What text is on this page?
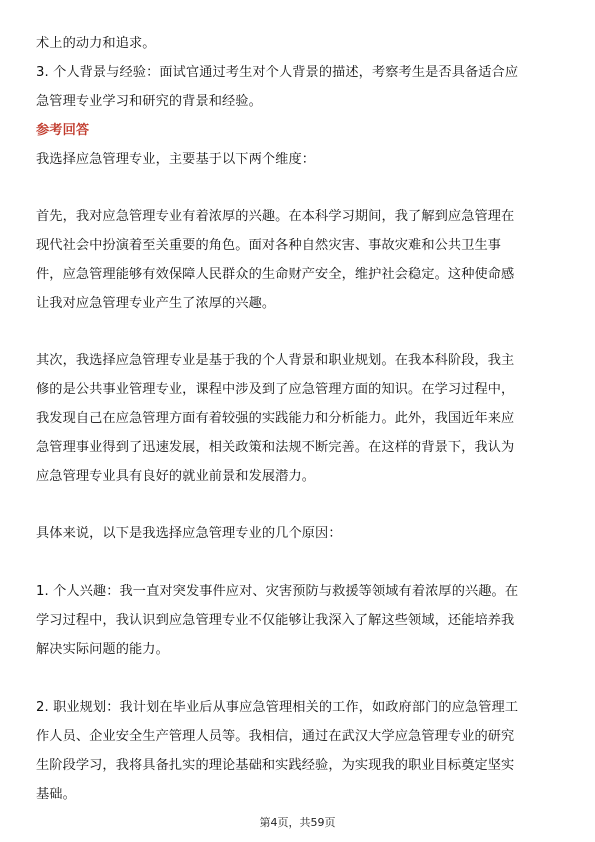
术上的动力和追求。
3. 个人背景与经验：面试官通过考生对个人背景的描述，考察考生是否具备适合应
急管理专业学习和研究的背景和经验。
参考回答
我选择应急管理专业，主要基于以下两个维度：
首先，我对应急管理专业有着浓厚的兴趣。在本科学习期间，我了解到应急管理在
现代社会中扮演着至关重要的角色。面对各种自然灾害、事故灾难和公共卫生事
件，应急管理能够有效保障人民群众的生命财产安全，维护社会稳定。这种使命感
让我对应急管理专业产生了浓厚的兴趣。
其次，我选择应急管理专业是基于我的个人背景和职业规划。在我本科阶段，我主
修的是公共事业管理专业，课程中涉及到了应急管理方面的知识。在学习过程中，
我发现自己在应急管理方面有着较强的实践能力和分析能力。此外，我国近年来应
急管理事业得到了迅速发展，相关政策和法规不断完善。在这样的背景下，我认为
应急管理专业具有良好的就业前景和发展潜力。
具体来说，以下是我选择应急管理专业的几个原因：
1. 个人兴趣：我一直对突发事件应对、灾害预防与救援等领域有着浓厚的兴趣。在
学习过程中，我认识到应急管理专业不仅能够让我深入了解这些领域，还能培养我
解决实际问题的能力。
2. 职业规划：我计划在毕业后从事应急管理相关的工作，如政府部门的应急管理工
作人员、企业安全生产管理人员等。我相信，通过在武汉大学应急管理专业的研究
生阶段学习，我将具备扎实的理论基础和实践经验，为实现我的职业目标奠定坚实
基础。
第4页，共59页
